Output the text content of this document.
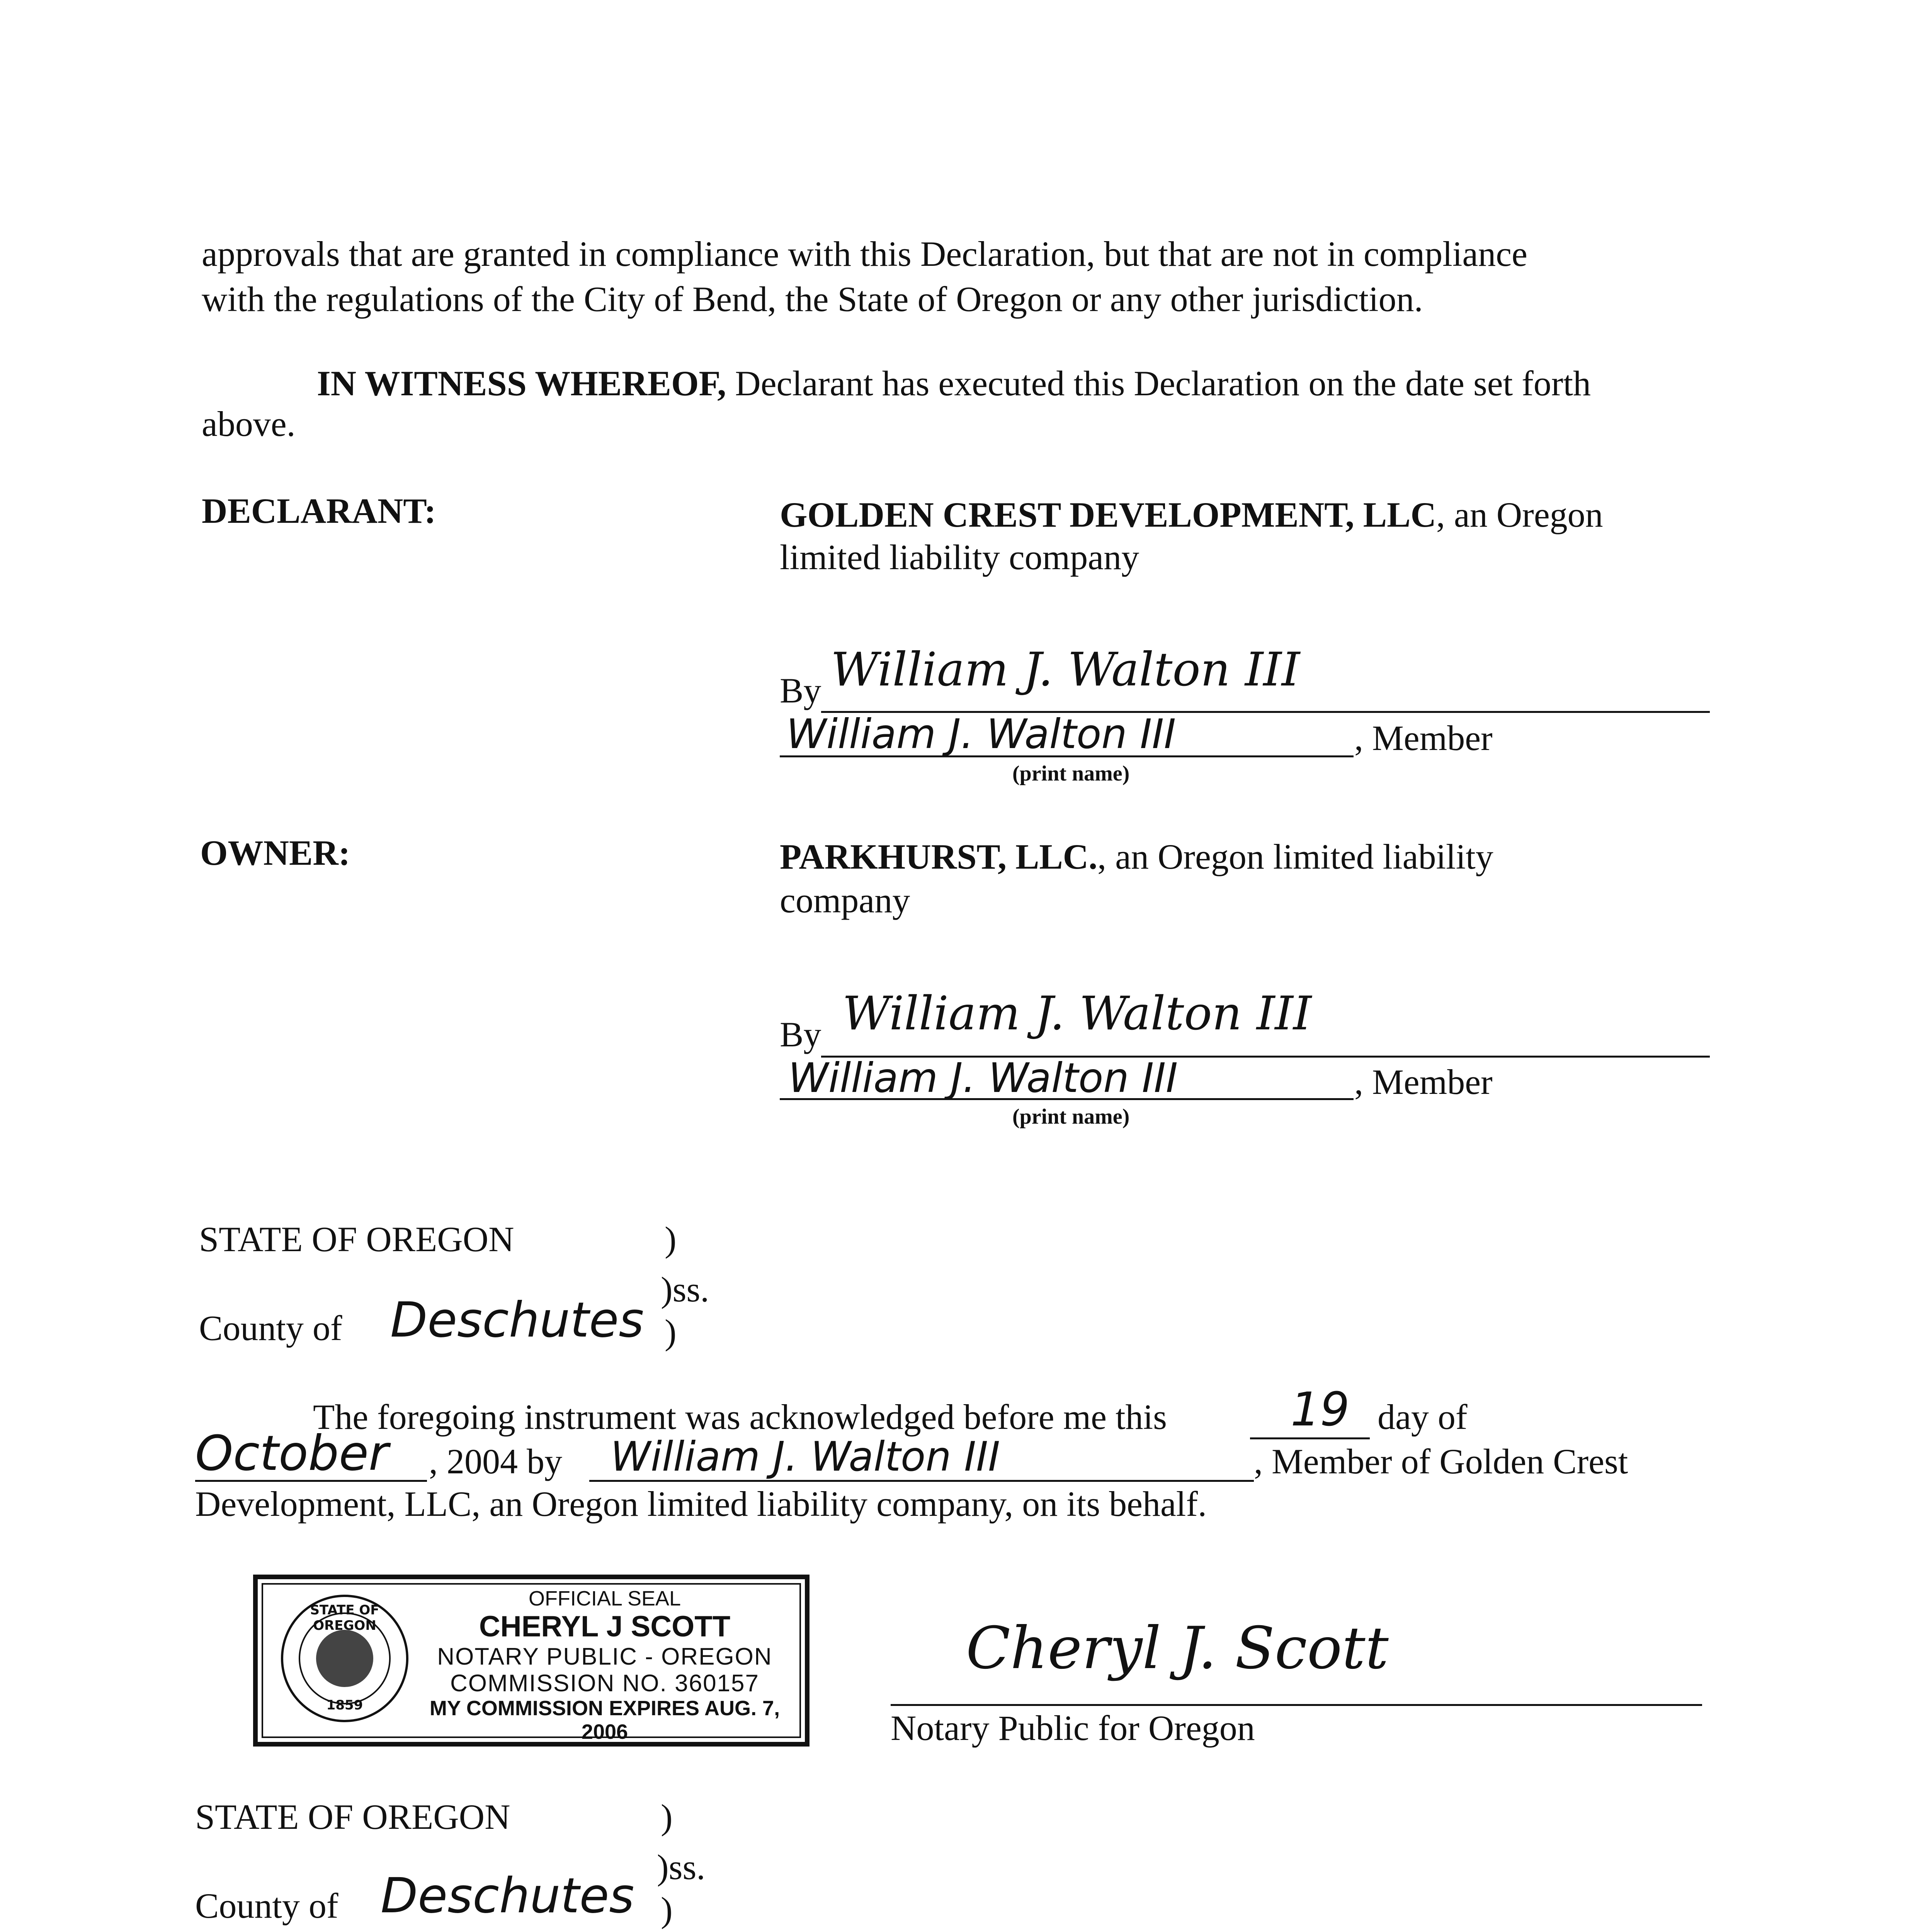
approvals that are granted in compliance with this Declaration, but that are not in compliance
with the regulations of the City of Bend, the State of Oregon or any other jurisdiction.
IN WITNESS WHEREOF, Declarant has executed this Declaration on the date set forth
above.
DECLARANT:	GOLDEN CREST DEVELOPMENT, LLC, an Oregon
limited liability company
By William J. Walton III
William J. Walton III	, Member
(print name)
OWNER:	PARKHURST, LLC., an Oregon limited liability
company
By William J. Walton III
William J. Walton III	, Member
(print name)
STATE OF OREGON	)
)ss.
County of Deschutes )
The foregoing instrument was acknowledged before me this	19 day of
October , 2004 by William J. Walton III	, Member of Golden Crest
Development, LLC, an Oregon limited liability company, on its behalf.
STATE OF OREGON
1859
OFFICIAL SEAL
CHERYL J SCOTT
NOTARY PUBLIC - OREGON
COMMISSION NO. 360157
MY COMMISSION EXPIRES AUG. 7, 2006
Cheryl J. Scott
Notary Public for Oregon
STATE OF OREGON	)
)ss.
County of Deschutes )
